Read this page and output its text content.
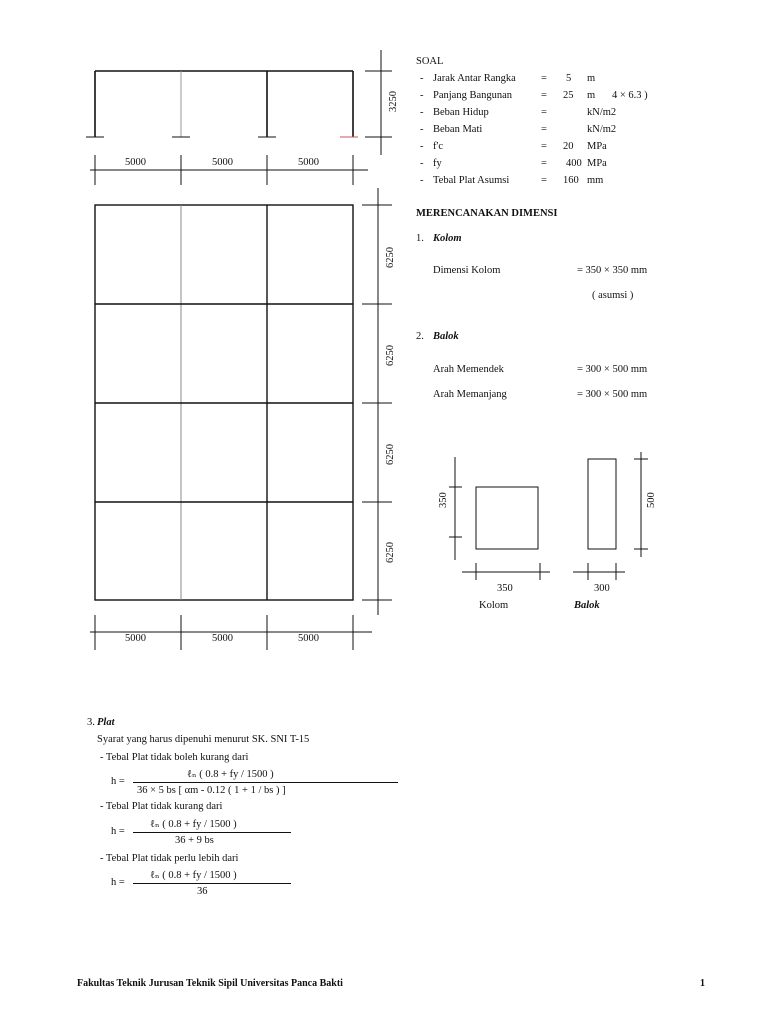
3250
5000	5000	5000
6250
6250
6250
6250
5000	5000	5000
350
350
Kolom
500
300
Balok
SOAL
- Jarak Antar Rangka = 5 m
- Panjang Bangunan	= 25 m 4 × 6.3 )
- Beban Hidup	=	kN/m2
- Beban Mati	=	kN/m2
- f'c	= 20 MPa
- fy	= 400 MPa
- Tebal Plat Asumsi	= 160 mm
MERENCANAKAN DIMENSI
1. Kolom
Dimensi Kolom	= 350 × 350 mm
( asumsi )
2. Balok
Arah Memendek	= 300 × 500 mm
Arah Memanjang	= 300 × 500 mm
3. Plat
Syarat yang harus dipenuhi menurut SK. SNI T-15
- Tebal Plat tidak boleh kurang dari
h =
ℓₙ ( 0.8 + fy / 1500 )
36 × 5 bs [ αm - 0.12 ( 1 + 1 / bs ) ]
- Tebal Plat tidak kurang dari
h =
ℓₙ ( 0.8 + fy / 1500 )
36 + 9 bs
- Tebal Plat tidak perlu lebih dari
h =
ℓₙ ( 0.8 + fy / 1500 )
36
Fakultas Teknik Jurusan Teknik Sipil Universitas Panca Bakti	1
